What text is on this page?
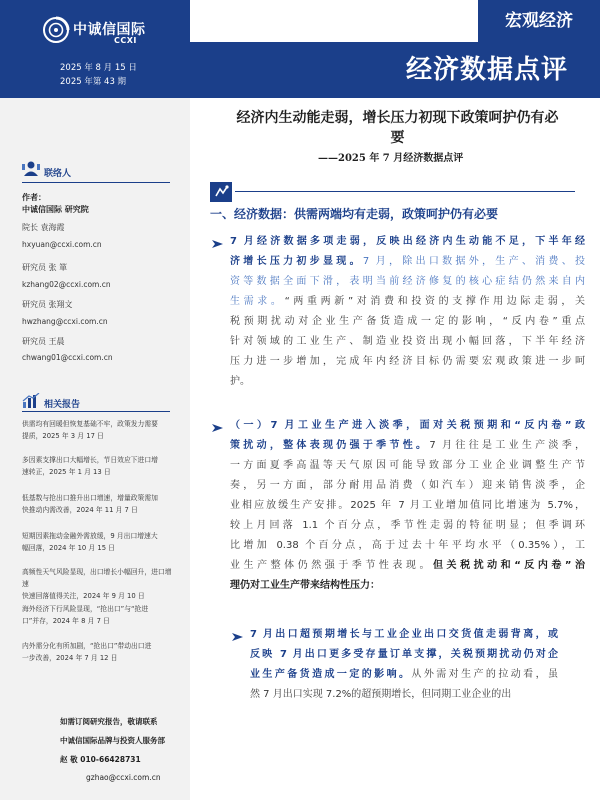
宏观经济
经济数据点评
中诚信国际
CCXI
2025 年 8 月 15 日
2025 年第 43 期
联络人
作者：
中诚信国际 研究院
院长 袁海霞
hxyuan@ccxi.com.cn
研究员 张 箪
kzhang02@ccxi.com.cn
研究员 张翔文
hwzhang@ccxi.com.cn
研究员 王晨
chwang01@ccxi.com.cn
相关报告
供需均有回暖但恢复基础不牢，政策发力需要
提质，2025 年 3 月 17 日
多因素支撑出口大幅增长，节日效应下进口增
速转正，2025 年 1 月 13 日
低基数与抢出口推升出口增速，增量政策需加
快推动内需改善，2024 年 11 月 7 日
短期因素拖动金融外需放缓，9 月出口增速大
幅回落，2024 年 10 月 15 日
高频性天气风险显现，出口增长小幅回升，进口增速
快速回落值得关注，2024 年 9 月 10 日
海外经济下行风险显现，“抢出口”与“抢进
口”并存，2024 年 8 月 7 日
内外需分化有所加剧，“抢出口”带动出口进
一步改善，2024 年 7 月 12 日
如需订阅研究报告，敬请联系
中诚信国际品牌与投资人服务部
赵 敬 010-66428731
gzhao@ccxi.com.cn
经济内生动能走弱，增长压力初现下政策呵护仍有必
要
——2025 年 7 月经济数据点评
一、经济数据：供需两端均有走弱，政策呵护仍有必要
7 月经济数据多项走弱，反映出经济内生动能不足，下半年经
济增长压力初步显现。7 月，除出口数据外，生产、消费、投
资等数据全面下滑，表明当前经济修复的核心症结仍然来自内
生需求。“两重两新”对消费和投资的支撑作用边际走弱，关
税预期扰动对企业生产备货造成一定的影响，“反内卷”重点
针对领域的工业生产、制造业投资出现小幅回落，下半年经济
压力进一步增加，完成年内经济目标仍需要宏观政策进一步呵
护。
（一）7 月工业生产进入淡季，面对关税预期和“反内卷”政
策扰动，整体表现仍强于季节性。7 月往往是工业生产淡季，
一方面夏季高温等天气原因可能导致部分工业企业调整生产节
奏，另一方面，部分耐用品消费（如汽车）迎来销售淡季，企
业相应放缓生产安排。2025 年 7 月工业增加值同比增速为 5.7%，
较上月回落 1.1 个百分点，季节性走弱的特征明显；但季调环
比增加 0.38 个百分点，高于过去十年平均水平（0.35%），工
业生产整体仍然强于季节性表现。但关税扰动和“反内卷”治
理仍对工业生产带来结构性压力：
7 月出口超预期增长与工业企业出口交货值走弱背离，或
反映 7 月出口更多受存量订单支撑，关税预期扰动仍对企
业生产备货造成一定的影响。从外需对生产的拉动看，虽
然 7 月出口实现 7.2%的超预期增长，但同期工业企业的出
